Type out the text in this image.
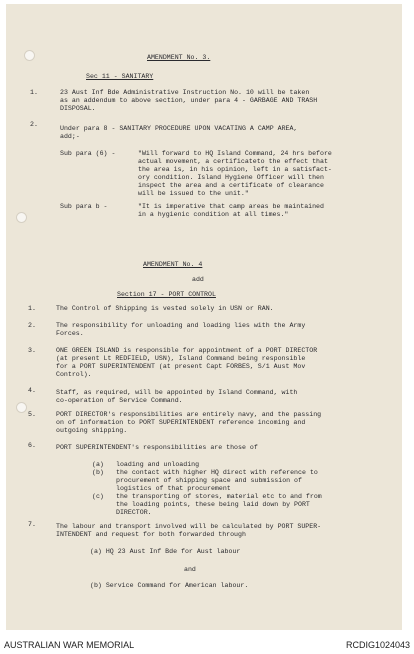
AMENDMENT No. 3.
Sec 11 - SANITARY
1.	23 Aust Inf Bde Administrative Instruction No. 10 will be taken
as an addendum to above section, under para 4 - GARBAGE AND TRASH
DISPOSAL.
2.
Under para 8 - SANITARY PROCEDURE UPON VACATING A CAMP AREA,
add;-
Sub para (6) -	"Will forward to HQ Island Command, 24 hrs before
actual movement, a certificateto the effect that
the area is, in his opinion, left in a satisfact-
ory condition. Island Hygiene Officer will then
inspect the area and a certificate of clearance
will be issued to the unit."
Sub para b -	"It is imperative that camp areas be maintained
in a hygienic condition at all times."
AMENDMENT No. 4
add
Section 17 - PORT CONTROL
1.	The Control of Shipping is vested solely in USN or RAN.
2.	The responsibility for unloading and loading lies with the Army
Forces.
3.	ONE GREEN ISLAND is responsible for appointment of a PORT DIRECTOR
(at present Lt REDFIELD, USN), Island Command being responsible
for a PORT SUPERINTENDENT (at present Capt FORBES, S/1 Aust Mov
Control).
4.	Staff, as required, will be appointed by Island Command, with
co-operation of Service Command.
5.	PORT DIRECTOR's responsibilities are entirely navy, and the passing
on of information to PORT SUPERINTENDENT reference incoming and
outgoing shipping.
6.	PORT SUPERINTENDENT's responsibilities are those of
(a) loading and unloading
(b) the contact with higher HQ direct with reference to
procurement of shipping space and submission of
logistics of that procurement
(c) the transporting of stores, material etc to and from
the loading points, these being laid down by PORT
DIRECTOR.
7.	The labour and transport involved will be calculated by PORT SUPER-
INTENDENT and request for both forwarded through
(a) HQ 23 Aust Inf Bde for Aust labour
and
(b) Service Command for American labour.
AUSTRALIAN WAR MEMORIAL	RCDIG1024043
